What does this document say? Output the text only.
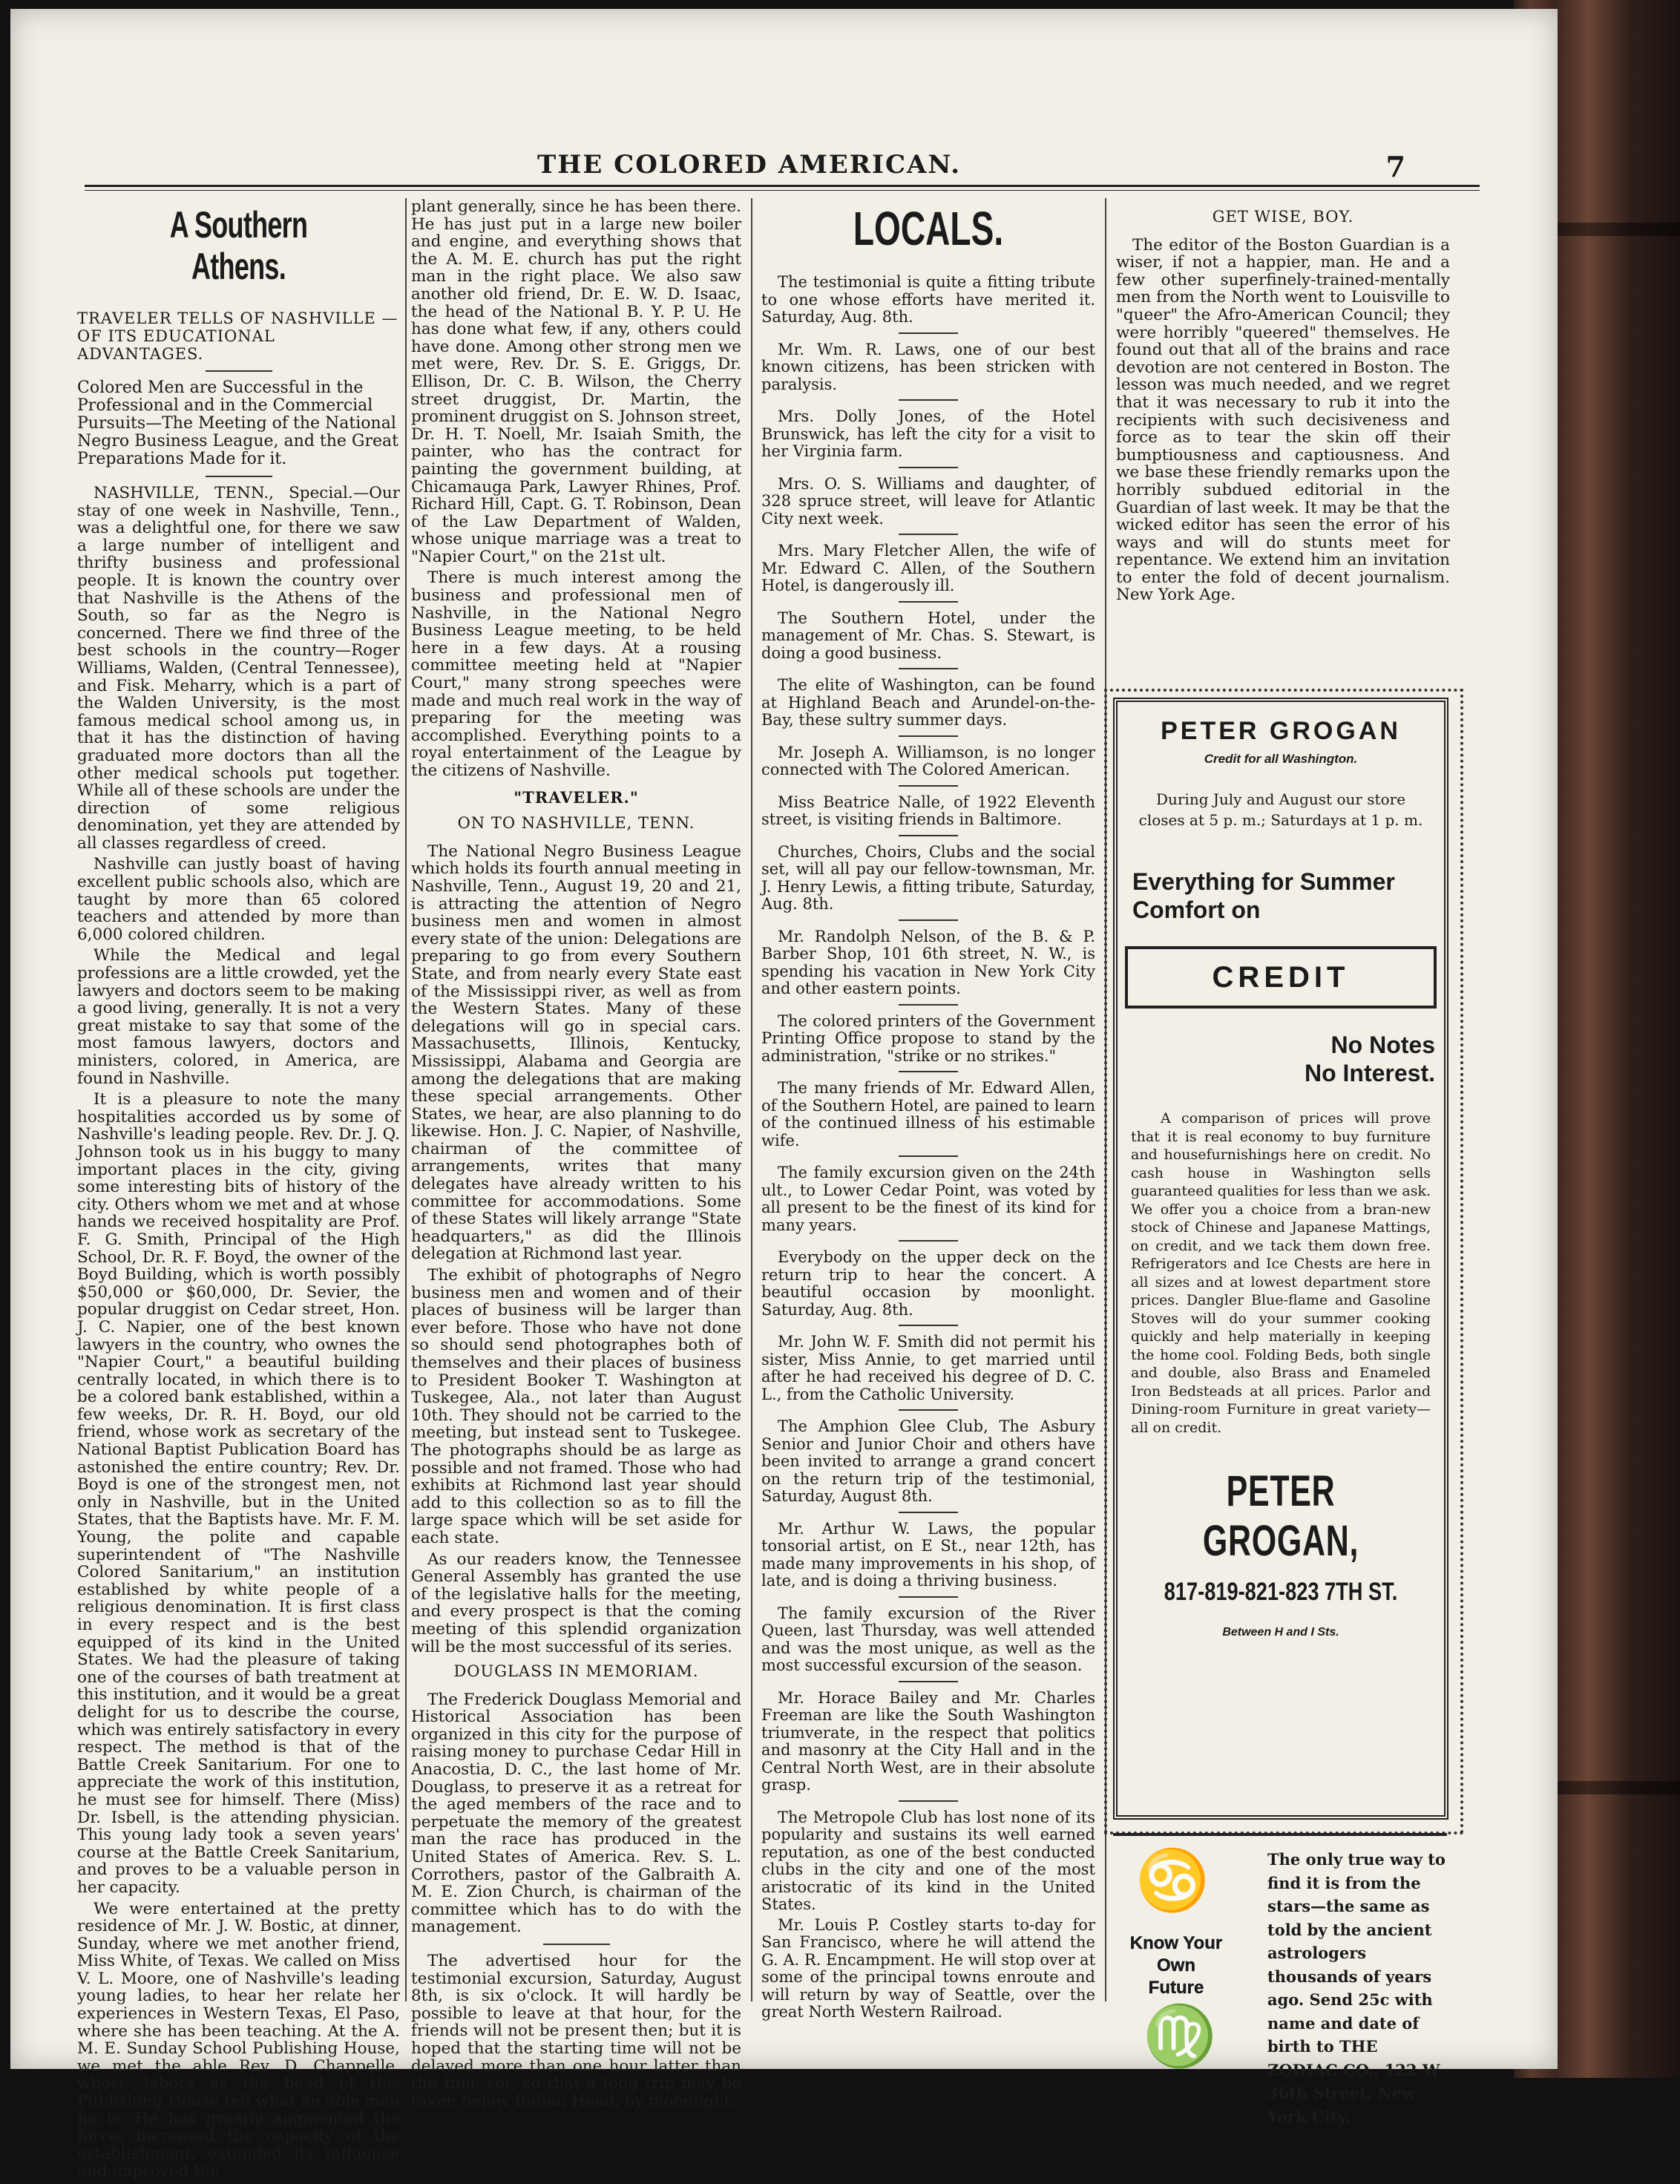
THE COLORED AMERICAN.	7
A Southern Athens.
TRAVELER TELLS OF NASHVILLE —OF ITS EDUCATIONAL ADVANTAGES.
Colored Men are Successful in the Professional and in the Commercial Pursuits—The Meeting of the National Negro Business League, and the Great Preparations Made for it.

NASHVILLE, TENN., Special.—Our stay of one week in Nashville, Tenn., was a delightful one, for there we saw a large number of intelligent and thrifty business and professional people. It is known the country over that Nashville is the Athens of the South, so far as the Negro is concerned. There we find three of the best schools in the country—Roger Williams, Walden, (Central Tennessee), and Fisk. Meharry, which is a part of the Walden University, is the most famous medical school among us, in that it has the distinction of having graduated more doctors than all the other medical schools put together. While all of these schools are under the direction of some religious denomination, yet they are attended by all classes regardless of creed.

Nashville can justly boast of having excellent public schools also, which are taught by more than 65 colored teachers and attended by more than 6,000 colored children.

While the Medical and legal professions are a little crowded, yet the lawyers and doctors seem to be making a good living, generally. It is not a very great mistake to say that some of the most famous lawyers, doctors and ministers, colored, in America, are found in Nashville.

It is a pleasure to note the many hospitalities accorded us by some of Nashville's leading people. Rev. Dr. J. Q. Johnson took us in his buggy to many important places in the city, giving some interesting bits of history of the city. Others whom we met and at whose hands we received hospitality are Prof. F. G. Smith, Principal of the High School, Dr. R. F. Boyd, the owner of the Boyd Building, which is worth possibly $50,000 or $60,000, Dr. Sevier, the popular druggist on Cedar street, Hon. J. C. Napier, one of the best known lawyers in the country, who ownes the "Napier Court," a beautiful building centrally located, in which there is to be a colored bank established, within a few weeks, Dr. R. H. Boyd, our old friend, whose work as secretary of the National Baptist Publication Board has astonished the entire country; Rev. Dr. Boyd is one of the strongest men, not only in Nashville, but in the United States, that the Baptists have. Mr. F. M. Young, the polite and capable superintendent of "The Nashville Colored Sanitarium," an institution established by white people of a religious denomination. It is first class in every respect and is the best equipped of its kind in the United States. We had the pleasure of taking one of the courses of bath treatment at this institution, and it would be a great delight for us to describe the course, which was entirely satisfactory in every respect. The method is that of the Battle Creek Sanitarium. For one to appreciate the work of this institution, he must see for himself. There (Miss) Dr. Isbell, is the attending physician. This young lady took a seven years' course at the Battle Creek Sanitarium, and proves to be a valuable person in her capacity.

We were entertained at the pretty residence of Mr. J. W. Bostic, at dinner, Sunday, where we met another friend, Miss White, of Texas. We called on Miss V. L. Moore, one of Nashville's leading young ladies, to hear her relate her experiences in Western Texas, El Paso, where she has been teaching. At the A. M. E. Sunday School Publishing House, we met the able Rev. D. Chappelle, whose labors as the head of this Publishing House tell what an able man he is. He has greatly augmented the force, increased the capacity of the establishment, extended its influence and improved the

plant generally, since he has been there. He has just put in a large new boiler and engine, and everything shows that the A. M. E. church has put the right man in the right place. We also saw another old friend, Dr. E. W. D. Isaac, the head of the National B. Y. P. U. He has done what few, if any, others could have done. Among other strong men we met were, Rev. Dr. S. E. Griggs, Dr. Ellison, Dr. C. B. Wilson, the Cherry street druggist, Dr. Martin, the prominent druggist on S. Johnson street, Dr. H. T. Noell, Mr. Isaiah Smith, the painter, who has the contract for painting the government building, at Chicamauga Park, Lawyer Rhines, Prof. Richard Hill, Capt. G. T. Robinson, Dean of the Law Department of Walden, whose unique marriage was a treat to "Napier Court," on the 21st ult.

There is much interest among the business and professional men of Nashville, in the National Negro Business League meeting, to be held here in a few days. At a rousing committee meeting held at "Napier Court," many strong speeches were made and much real work in the way of preparing for the meeting was accomplished. Everything points to a royal entertainment of the League by the citizens of Nashville.

"TRAVELER."
ON TO NASHVILLE, TENN.

The National Negro Business League which holds its fourth annual meeting in Nashville, Tenn., August 19, 20 and 21, is attracting the attention of Negro business men and women in almost every state of the union: Delegations are preparing to go from every Southern State, and from nearly every State east of the Mississippi river, as well as from the Western States. Many of these delegations will go in special cars. Massachusetts, Illinois, Kentucky, Mississippi, Alabama and Georgia are among the delegations that are making these special arrangements. Other States, we hear, are also planning to do likewise. Hon. J. C. Napier, of Nashville, chairman of the committee of arrangements, writes that many delegates have already written to his committee for accommodations. Some of these States will likely arrange "State headquarters," as did the Illinois delegation at Richmond last year.

The exhibit of photographs of Negro business men and women and of their places of business will be larger than ever before. Those who have not done so should send photographes both of themselves and their places of business to President Booker T. Washington at Tuskegee, Ala., not later than August 10th. They should not be carried to the meeting, but instead sent to Tuskegee. The photographs should be as large as possible and not framed. Those who had exhibits at Richmond last year should add to this collection so as to fill the large space which will be set aside for each state.

As our readers know, the Tennessee General Assembly has granted the use of the legislative halls for the meeting, and every prospect is that the coming meeting of this splendid organization will be the most successful of its series.

DOUGLASS IN MEMORIAM.

The Frederick Douglass Memorial and Historical Association has been organized in this city for the purpose of raising money to purchase Cedar Hill in Anacostia, D. C., the last home of Mr. Douglass, to preserve it as a retreat for the aged members of the race and to perpetuate the memory of the greatest man the race has produced in the United States of America. Rev. S. L. Corrothers, pastor of the Galbraith A. M. E. Zion Church, is chairman of the committee which has to do with the management.

The advertised hour for the testimonial excursion, Saturday, August 8th, is six o'clock. It will hardly be possible to leave at that hour, for the friends will not be present then; but it is hoped that the starting time will not be delayed more than one hour latter than the time set, so that a long trip may be taken below Indian Head, by moonlight.

LOCALS.

The testimonial is quite a fitting tribute to one whose efforts have merited it. Saturday, Aug. 8th.

Mr. Wm. R. Laws, one of our best known citizens, has been stricken with paralysis.

Mrs. Dolly Jones, of the Hotel Brunswick, has left the city for a visit to her Virginia farm.

Mrs. O. S. Williams and daughter, of 328 spruce street, will leave for Atlantic City next week.

Mrs. Mary Fletcher Allen, the wife of Mr. Edward C. Allen, of the Southern Hotel, is dangerously ill.

The Southern Hotel, under the management of Mr. Chas. S. Stewart, is doing a good business.

The elite of Washington, can be found at Highland Beach and Arundel-on-the-Bay, these sultry summer days.

Mr. Joseph A. Williamson, is no longer connected with The Colored American.

Miss Beatrice Nalle, of 1922 Eleventh street, is visiting friends in Baltimore.

Churches, Choirs, Clubs and the social set, will all pay our fellow-townsman, Mr. J. Henry Lewis, a fitting tribute, Saturday, Aug. 8th.

Mr. Randolph Nelson, of the B. & P. Barber Shop, 101 6th street, N. W., is spending his vacation in New York City and other eastern points.

The colored printers of the Government Printing Office propose to stand by the administration, "strike or no strikes."

The many friends of Mr. Edward Allen, of the Southern Hotel, are pained to learn of the continued illness of his estimable wife.

The family excursion given on the 24th ult., to Lower Cedar Point, was voted by all present to be the finest of its kind for many years.

Everybody on the upper deck on the return trip to hear the concert. A beautiful occasion by moonlight. Saturday, Aug. 8th.

Mr. John W. F. Smith did not permit his sister, Miss Annie, to get married until after he had received his degree of D. C. L., from the Catholic University.

The Amphion Glee Club, The Asbury Senior and Junior Choir and others have been invited to arrange a grand concert on the return trip of the testimonial, Saturday, August 8th.

Mr. Arthur W. Laws, the popular tonsorial artist, on E St., near 12th, has made many improvements in his shop, of late, and is doing a thriving business.

The family excursion of the River Queen, last Thursday, was well attended and was the most unique, as well as the most successful excursion of the season.

Mr. Horace Bailey and Mr. Charles Freeman are like the South Washington triumverate, in the respect that politics and masonry at the City Hall and in the Central North West, are in their absolute grasp.

The Metropole Club has lost none of its popularity and sustains its well earned reputation, as one of the best conducted clubs in the city and one of the most aristocratic of its kind in the United States.

Mr. Louis P. Costley starts to-day for San Francisco, where he will attend the G. A. R. Encampment. He will stop over at some of the principal towns enroute and will return by way of Seattle, over the great North Western Railroad.

GET WISE, BOY.

The editor of the Boston Guardian is a wiser, if not a happier, man. He and a few other superfinely-trained-mentally men from the North went to Louisville to "queer" the Afro-American Council; they were horribly "queered" themselves. He found out that all of the brains and race devotion are not centered in Boston. The lesson was much needed, and we regret that it was necessary to rub it into the recipients with such decisiveness and force as to tear the skin off their bumptiousness and captiousness. And we base these friendly remarks upon the horribly subdued editorial in the Guardian of last week. It may be that the wicked editor has seen the error of his ways and will do stunts meet for repentance. We extend him an invitation to enter the fold of decent journalism. New York Age.

PETER GROGAN
Credit for all Washington.
During July and August our store closes at 5 p. m.; Saturdays at 1 p. m.
Everything for Summer Comfort on
CREDIT
No Notes
No Interest.
A comparison of prices will prove that it is real economy to buy furniture and housefurnishings here on credit. No cash house in Washington sells guaranteed qualities for less than we ask. We offer you a choice from a bran-new stock of Chinese and Japanese Mattings, on credit, and we tack them down free. Refrigerators and Ice Chests are here in all sizes and at lowest department store prices. Dangler Blue-flame and Gasoline Stoves will do your summer cooking quickly and help materially in keeping the home cool. Folding Beds, both single and double, also Brass and Enameled Iron Bedsteads at all prices. Parlor and Dining-room Furniture in great variety—all on credit.
PETER GROGAN,
817-819-821-823 7TH ST.
Between H and I Sts.
♋
Know Your Own Future
♍
The only true way to find it is from the stars—the same as told by the ancient astrologers thousands of years ago. Send 25c with name and date of birth to THE ZODIAC CO., 122 W 36th Street, New York City.
